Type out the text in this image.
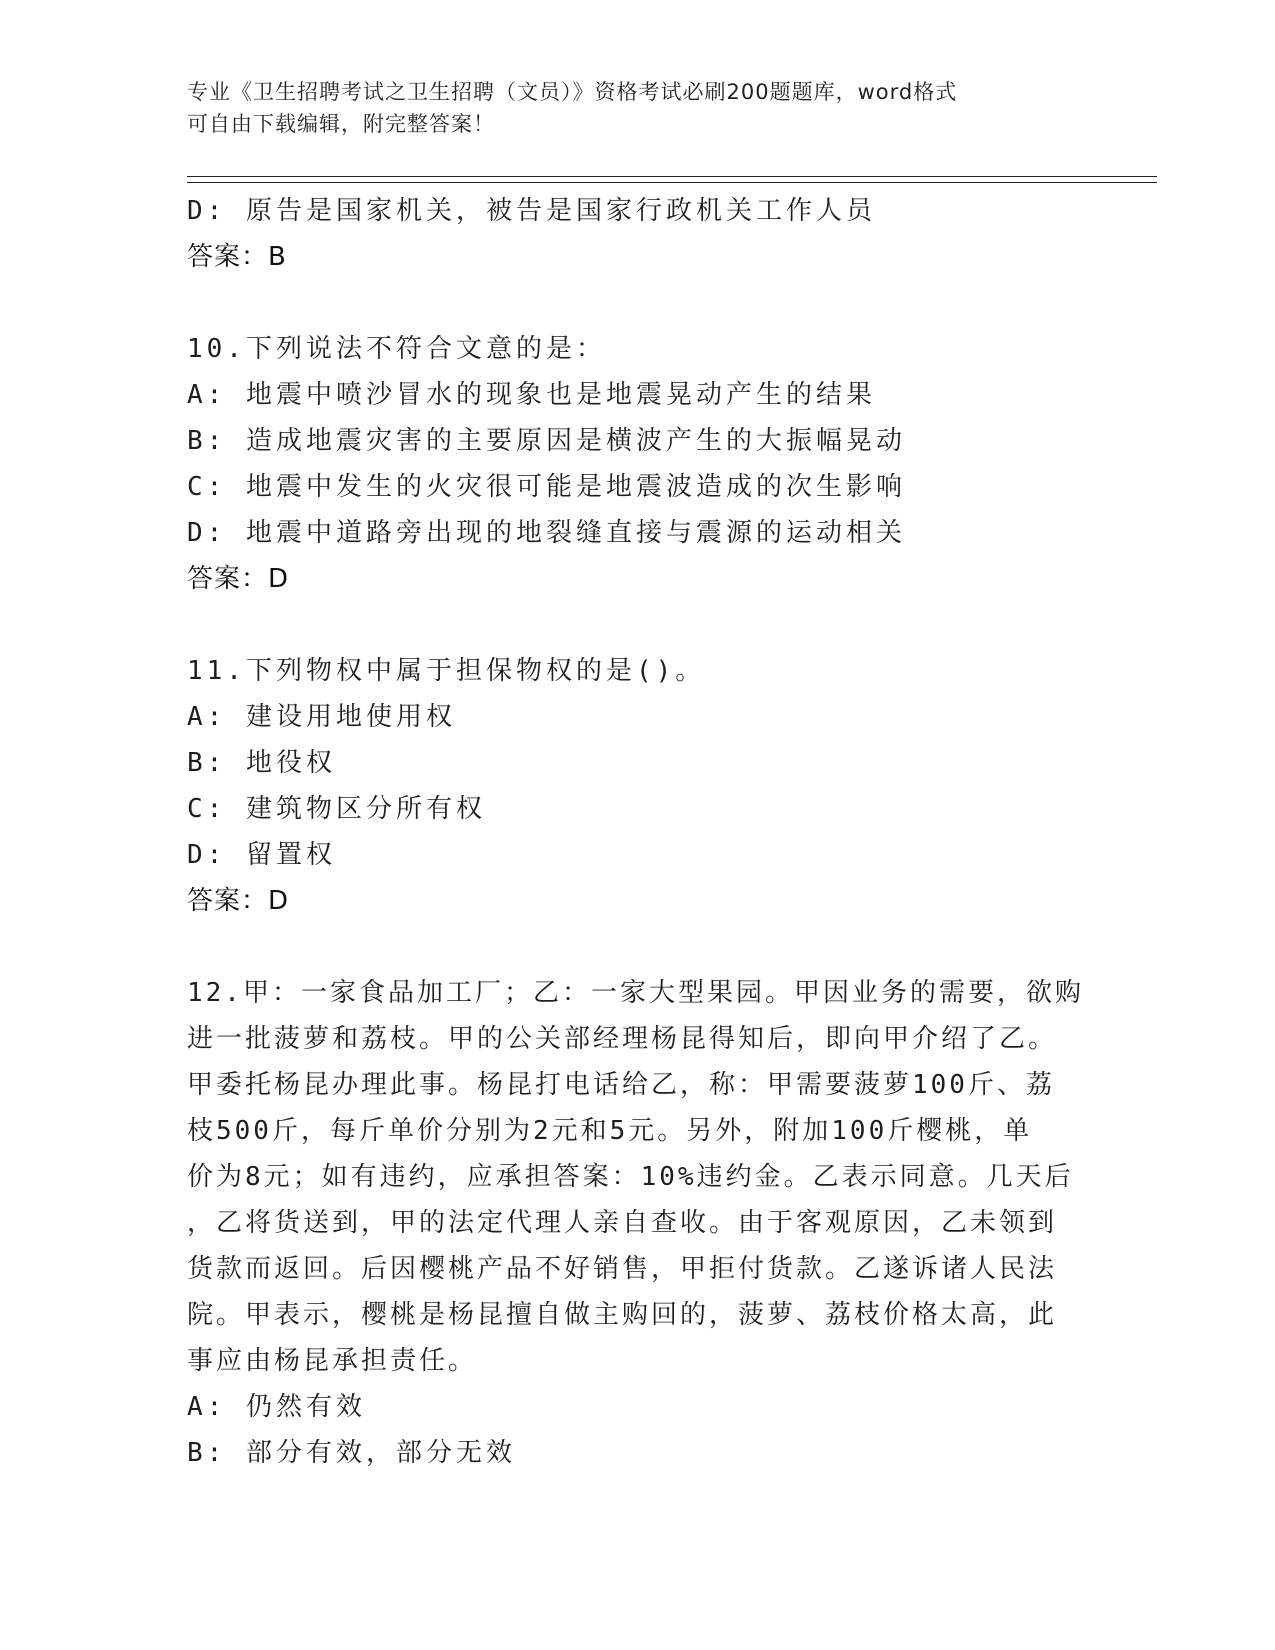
专业《卫生招聘考试之卫生招聘（文员）》资格考试必刷200题题库，word格式
可自由下载编辑，附完整答案！
D: 原告是国家机关，被告是国家行政机关工作人员
答案：B
10.下列说法不符合文意的是：
A: 地震中喷沙冒水的现象也是地震晃动产生的结果
B: 造成地震灾害的主要原因是横波产生的大振幅晃动
C: 地震中发生的火灾很可能是地震波造成的次生影响
D: 地震中道路旁出现的地裂缝直接与震源的运动相关
答案：D
11.下列物权中属于担保物权的是()。
A: 建设用地使用权
B: 地役权
C: 建筑物区分所有权
D: 留置权
答案：D
12.甲：一家食品加工厂；乙：一家大型果园。甲因业务的需要，欲购
进一批菠萝和荔枝。甲的公关部经理杨昆得知后，即向甲介绍了乙。
甲委托杨昆办理此事。杨昆打电话给乙，称：甲需要菠萝100斤、荔
枝500斤，每斤单价分别为2元和5元。另外，附加100斤樱桃，单
价为8元；如有违约，应承担答案：10%违约金。乙表示同意。几天后
，乙将货送到，甲的法定代理人亲自查收。由于客观原因，乙未领到
货款而返回。后因樱桃产品不好销售，甲拒付货款。乙遂诉诸人民法
院。甲表示，樱桃是杨昆擅自做主购回的，菠萝、荔枝价格太高，此
事应由杨昆承担责任。
A: 仍然有效
B: 部分有效，部分无效
